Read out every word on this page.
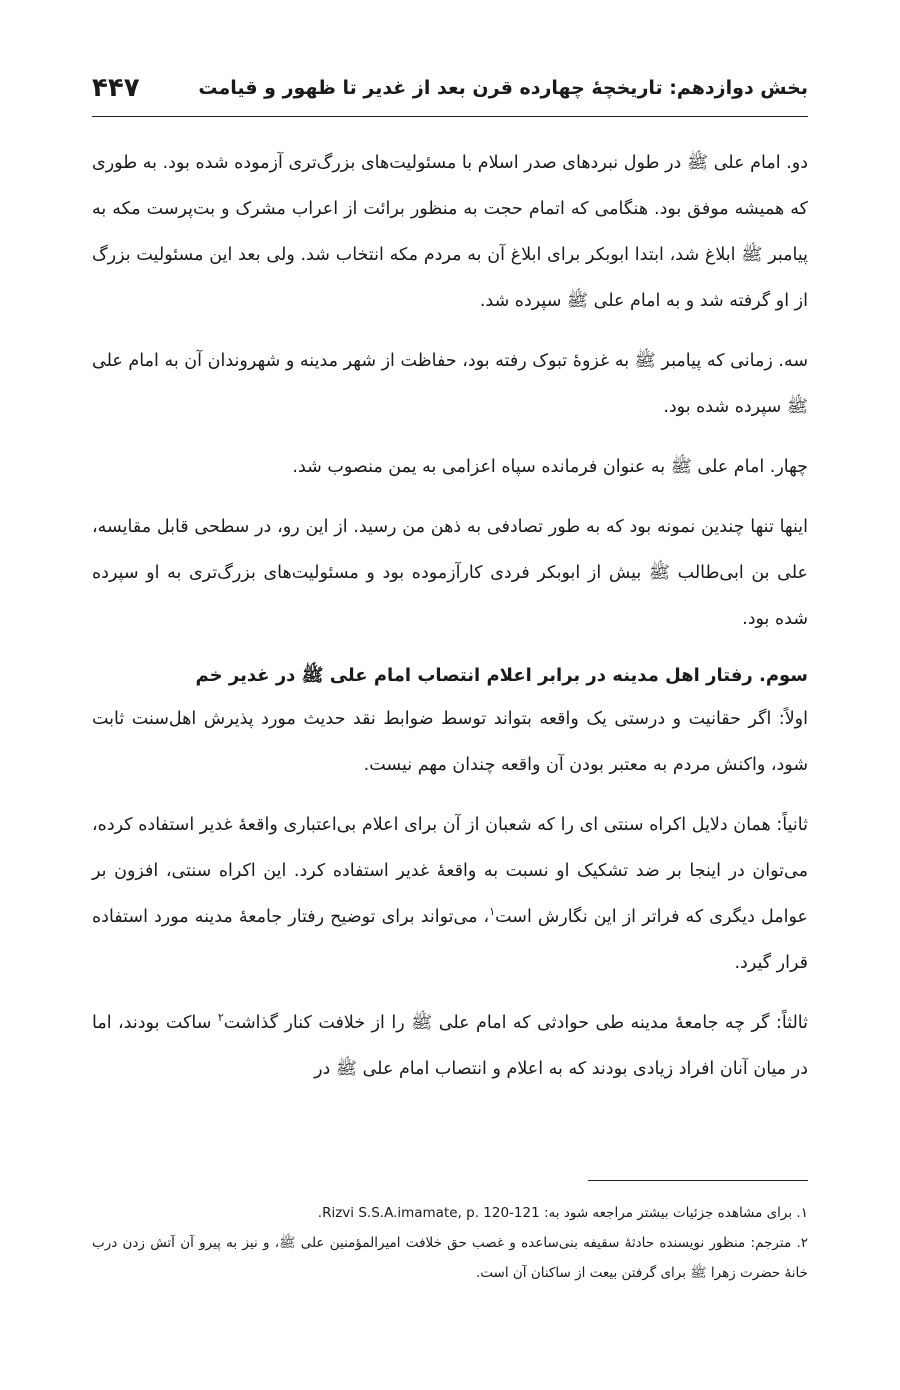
بخش دوازدهم: تاریخچهٔ چهارده قرن بعد از غدیر تا ظهور و قیامت
۴۴۷

دو. امام علی ﷺ در طول نبردهای صدر اسلام با مسئولیت‌های بزرگ‌تری آزموده شده بود. به طوری که همیشه موفق بود. هنگامی که اتمام حجت به منظور برائت از اعراب مشرک و بت‌پرست مکه به پیامبر ﷺ ابلاغ شد، ابتدا ابوبکر برای ابلاغ آن به مردم مکه انتخاب شد. ولی بعد این مسئولیت بزرگ از او گرفته شد و به امام علی ﷺ سپرده شد.

سه. زمانی که پیامبر ﷺ به غزوهٔ تبوک رفته بود، حفاظت از شهر مدینه و شهروندان آن به امام علی ﷺ سپرده شده بود.

چهار. امام علی ﷺ به عنوان فرمانده سپاه اعزامی به یمن منصوب شد.

اینها تنها چندین نمونه بود که به طور تصادفی به ذهن من رسید. از این رو، در سطحی قابل مقایسه، علی بن ابی‌طالب ﷺ بیش از ابوبکر فردی کارآزموده بود و مسئولیت‌های بزرگ‌تری به او سپرده شده بود.

سوم. رفتار اهل مدینه در برابر اعلام انتصاب امام علی ﷺ در غدیر خم

اولاً: اگر حقانیت و درستی یک واقعه بتواند توسط ضوابط نقد حدیث مورد پذیرش اهل‌سنت ثابت شود، واکنش مردم به معتبر بودن آن واقعه چندان مهم نیست.

ثانیاً: همان دلایل اکراه سنتی ای را که شعبان از آن برای اعلام بی‌اعتباری واقعهٔ غدیر استفاده کرده، می‌توان در اینجا بر ضد تشکیک او نسبت به واقعهٔ غدیر استفاده کرد. این اکراه سنتی، افزون بر عوامل دیگری که فراتر از این نگارش است$^۱$، می‌تواند برای توضیح رفتار جامعهٔ مدینه مورد استفاده قرار گیرد.

ثالثاً: گر چه جامعهٔ مدینه طی حوادثی که امام علی ﷺ را از خلافت کنار گذاشت$^۲$ ساکت بودند، اما در میان آنان افراد زیادی بودند که به اعلام و انتصاب امام علی ﷺ در

۱. برای مشاهده جزئیات بیشتر مراجعه شود به: Rizvi S.S.A.imamate, p. 120-121.

۲. مترجم: منظور نویسنده حادثهٔ سقیفه بنی‌ساعده و غصب حق خلافت امیرالمؤمنین علی ﷺ، و نیز به پیرو آن آتش زدن درب خانهٔ حضرت زهرا ﷺ برای گرفتن بیعت از ساکنان آن است.
